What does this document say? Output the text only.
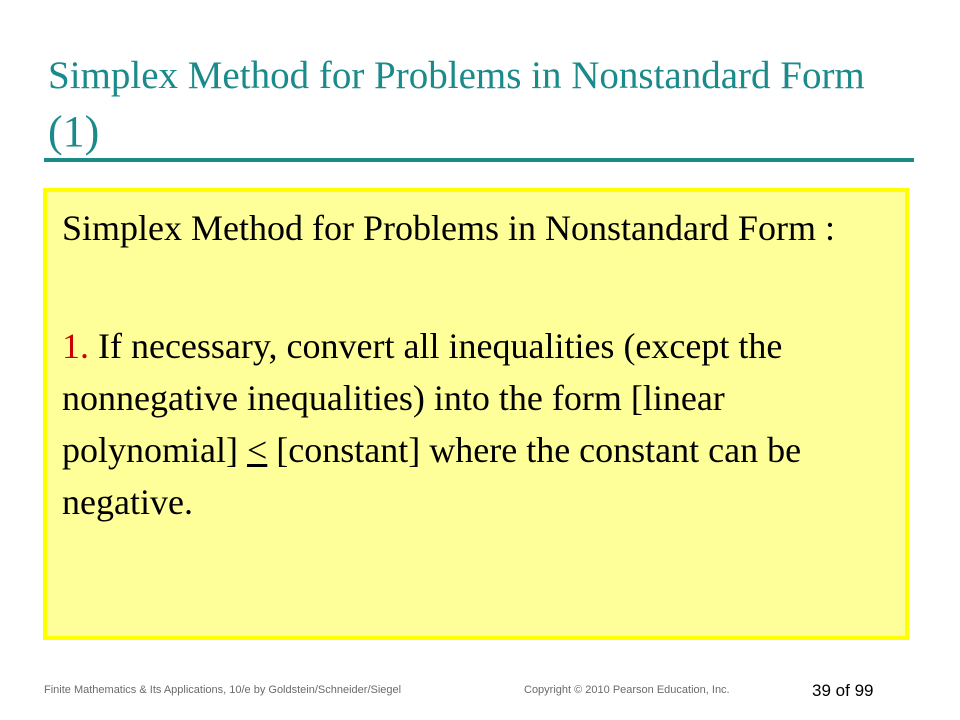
Simplex Method for Problems in Nonstandard Form (1)

Simplex Method for Problems in Nonstandard Form :

1. If necessary, convert all inequalities (except the nonnegative inequalities) into the form [linear polynomial] < [constant] where the constant can be negative.

Finite Mathematics & Its Applications, 10/e by Goldstein/Schneider/Siegel	Copyright © 2010 Pearson Education, Inc.	39 of 99
